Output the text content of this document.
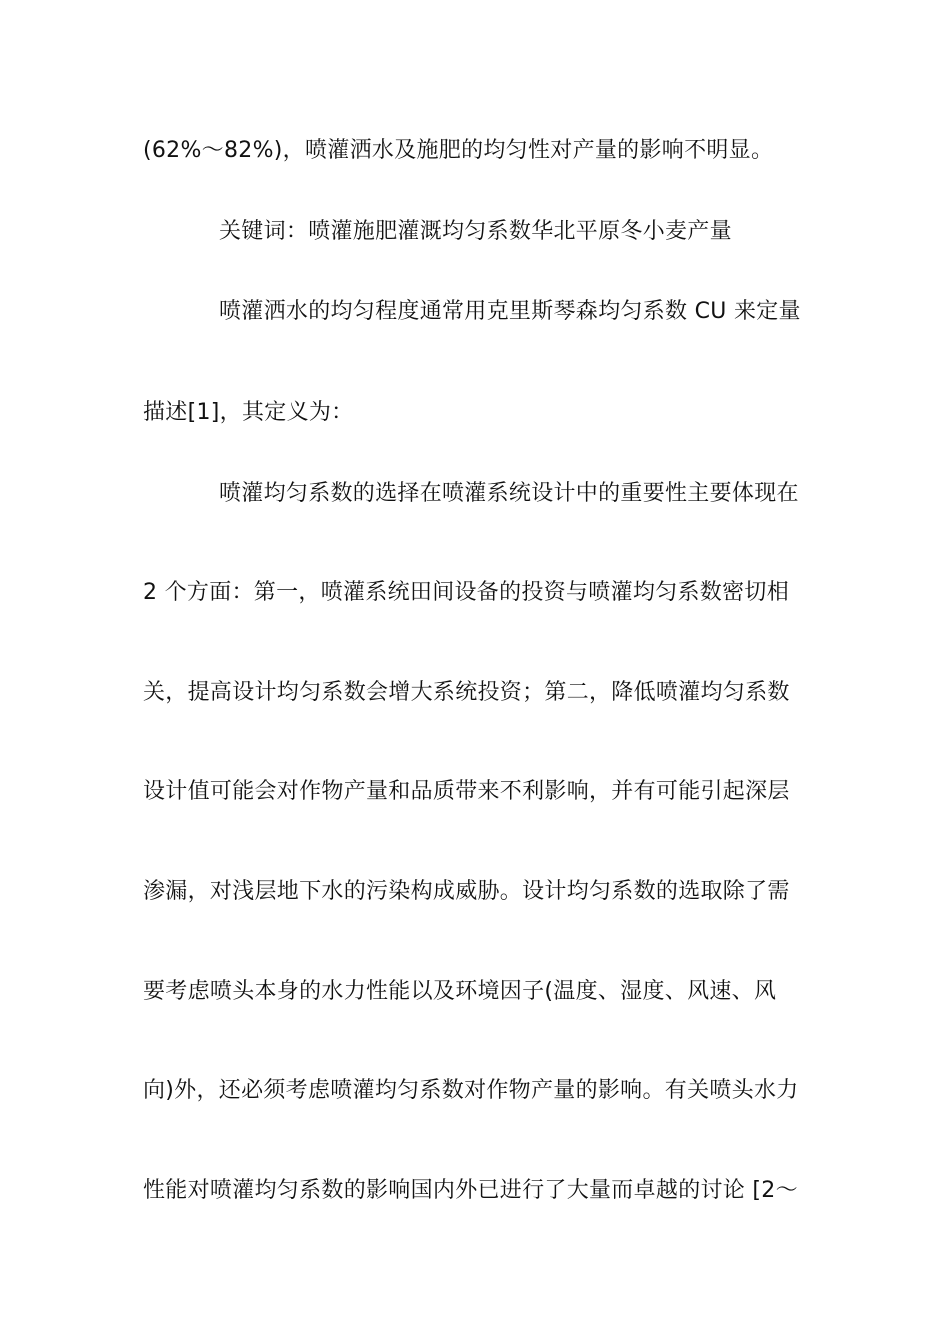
(62%～82%)，喷灌洒水及施肥的均匀性对产量的影响不明显。
关键词：喷灌施肥灌溉均匀系数华北平原冬小麦产量
喷灌洒水的均匀程度通常用克里斯琴森均匀系数 CU 来定量
描述[1]，其定义为：
喷灌均匀系数的选择在喷灌系统设计中的重要性主要体现在
2 个方面：第一，喷灌系统田间设备的投资与喷灌均匀系数密切相
关，提高设计均匀系数会增大系统投资；第二，降低喷灌均匀系数
设计值可能会对作物产量和品质带来不利影响，并有可能引起深层
渗漏，对浅层地下水的污染构成威胁。设计均匀系数的选取除了需
要考虑喷头本身的水力性能以及环境因子(温度、湿度、风速、风
向)外，还必须考虑喷灌均匀系数对作物产量的影响。有关喷头水力
性能对喷灌均匀系数的影响国内外已进行了大量而卓越的讨论 [2～
